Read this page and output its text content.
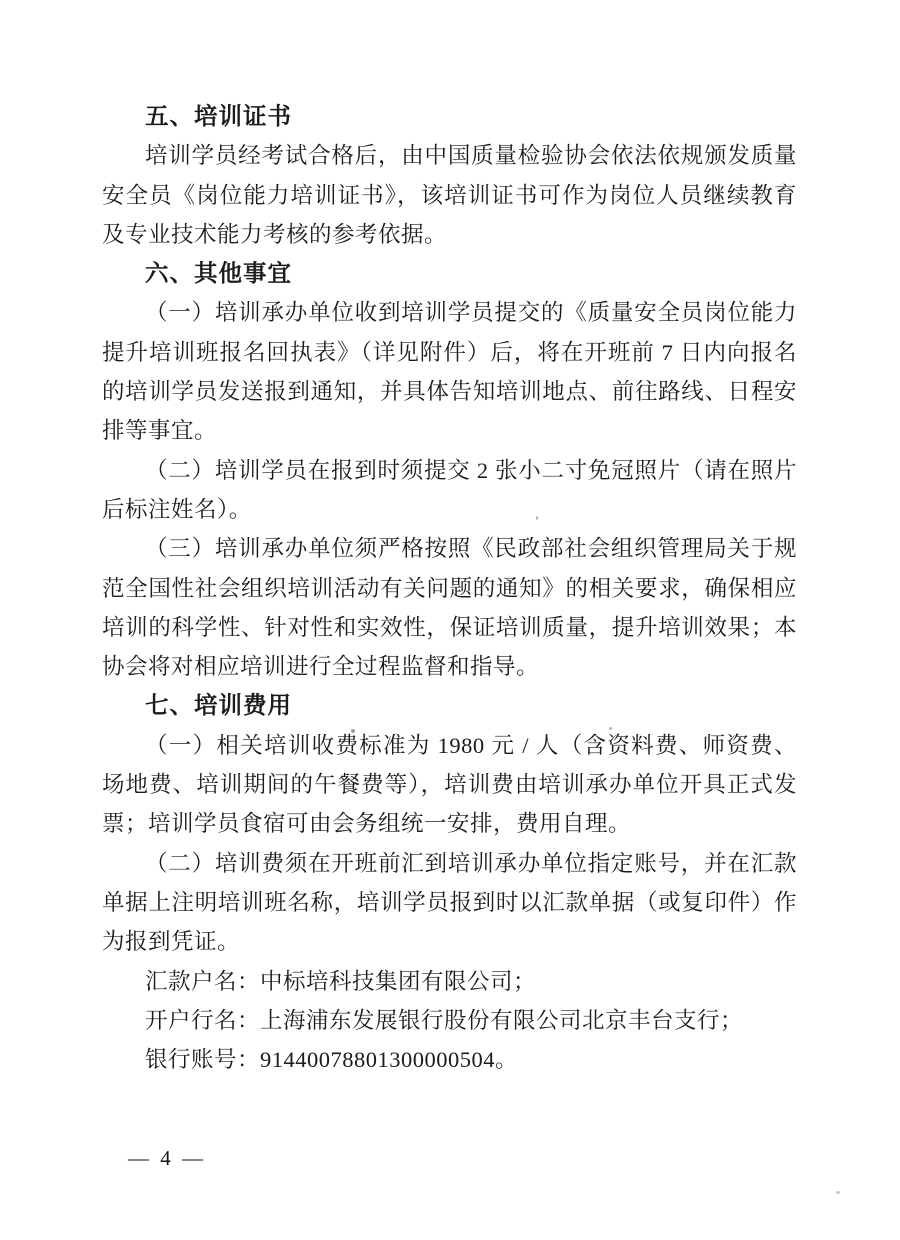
五、培训证书
培训学员经考试合格后，由中国质量检验协会依法依规颁发质量
安全员《岗位能力培训证书》，该培训证书可作为岗位人员继续教育
及专业技术能力考核的参考依据。
六、其他事宜
（一）培训承办单位收到培训学员提交的《质量安全员岗位能力
提升培训班报名回执表》（详见附件）后，将在开班前 7 日内向报名
的培训学员发送报到通知，并具体告知培训地点、前往路线、日程安
排等事宜。
（二）培训学员在报到时须提交 2 张小二寸免冠照片（请在照片
后标注姓名）。
（三）培训承办单位须严格按照《民政部社会组织管理局关于规
范全国性社会组织培训活动有关问题的通知》的相关要求，确保相应
培训的科学性、针对性和实效性，保证培训质量，提升培训效果；本
协会将对相应培训进行全过程监督和指导。
七、培训费用
（一）相关培训收费标准为 1980 元 / 人（含资料费、师资费、
场地费、培训期间的午餐费等），培训费由培训承办单位开具正式发
票；培训学员食宿可由会务组统一安排，费用自理。
（二）培训费须在开班前汇到培训承办单位指定账号，并在汇款
单据上注明培训班名称，培训学员报到时以汇款单据（或复印件）作
为报到凭证。
汇款户名：中标培科技集团有限公司；
开户行名：上海浦东发展银行股份有限公司北京丰台支行；
银行账号：91440078801300000504。
— 4 —
